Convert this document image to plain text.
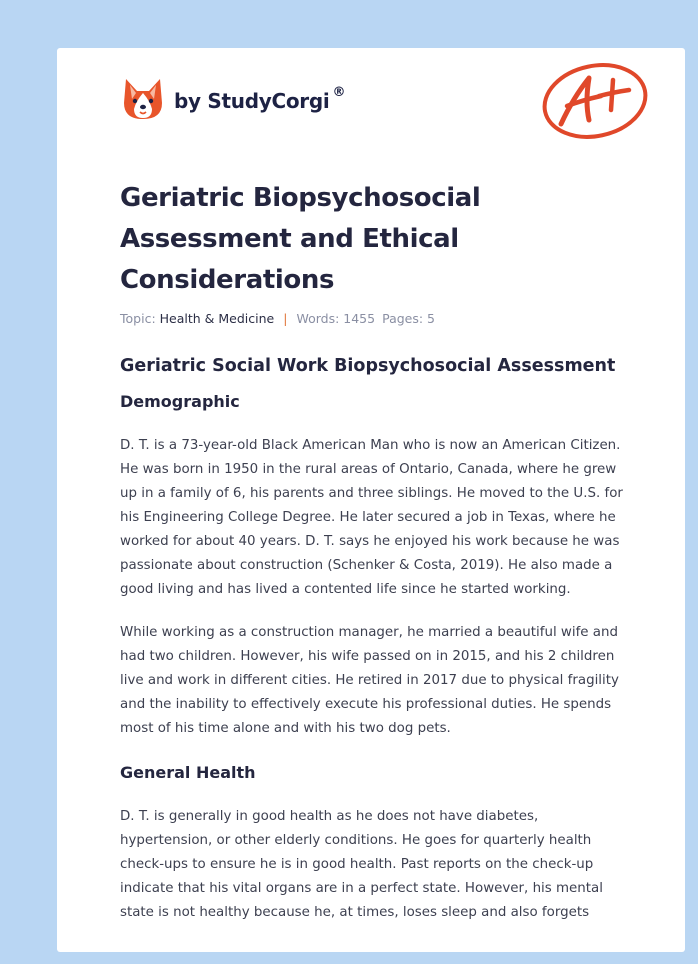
by StudyCorgi ®
Geriatric Biopsychosocial Assessment and Ethical Considerations
Topic: Health & Medicine | Words: 1455 Pages: 5
Geriatric Social Work Biopsychosocial Assessment
Demographic

D. T. is a 73-year-old Black American Man who is now an American Citizen. He was born in 1950 in the rural areas of Ontario, Canada, where he grew up in a family of 6, his parents and three siblings. He moved to the U.S. for his Engineering College Degree. He later secured a job in Texas, where he worked for about 40 years. D. T. says he enjoyed his work because he was passionate about construction (Schenker & Costa, 2019). He also made a good living and has lived a contented life since he started working.

While working as a construction manager, he married a beautiful wife and had two children. However, his wife passed on in 2015, and his 2 children live and work in different cities. He retired in 2017 due to physical fragility and the inability to effectively execute his professional duties. He spends most of his time alone and with his two dog pets.

General Health

D. T. is generally in good health as he does not have diabetes, hypertension, or other elderly conditions. He goes for quarterly health check-ups to ensure he is in good health. Past reports on the check-up indicate that his vital organs are in a perfect state. However, his mental state is not healthy because he, at times, loses sleep and also forgets
